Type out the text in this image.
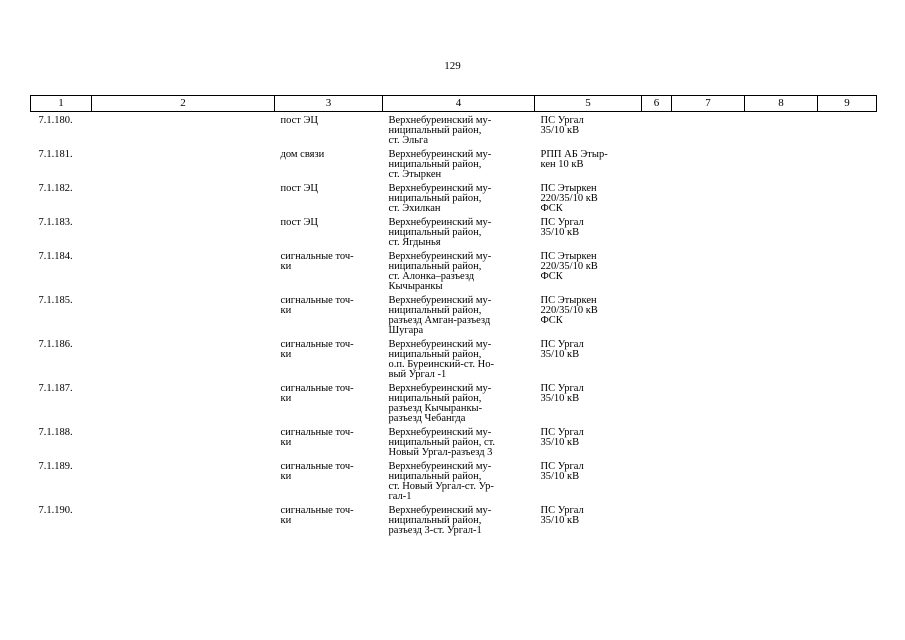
129
1	2	3	4	5	6	7	8	9
7.1.180.		пост ЭЦ	Верхнебуреинский му-
ниципальный район,
ст. Эльга	ПС Ургал
35/10 кВ				
7.1.181.		дом связи	Верхнебуреинский му-
ниципальный район,
ст. Этыркен	РПП АБ Этыр-
кен 10 кВ				
7.1.182.		пост ЭЦ	Верхнебуреинский му-
ниципальный район,
ст. Эхилкан	ПС Этыркен
220/35/10 кВ
ФСК				
7.1.183.		пост ЭЦ	Верхнебуреинский му-
ниципальный район,
ст. Ягдынья	ПС Ургал
35/10 кВ				
7.1.184.		сигнальные точ-
ки	Верхнебуреинский му-
ниципальный район,
ст. Алонка–разъезд
Кычыранкы	ПС Этыркен
220/35/10 кВ
ФСК				
7.1.185.		сигнальные точ-
ки	Верхнебуреинский му-
ниципальный район,
разъезд Амган-разъезд
Шугара	ПС Этыркен
220/35/10 кВ
ФСК				
7.1.186.		сигнальные точ-
ки	Верхнебуреинский му-
ниципальный район,
о.п. Буреинский-ст. Но-
вый Ургал -1	ПС Ургал
35/10 кВ				
7.1.187.		сигнальные точ-
ки	Верхнебуреинский му-
ниципальный район,
разъезд Кычыранкы-
разъезд Чебангда	ПС Ургал
35/10 кВ				
7.1.188.		сигнальные точ-
ки	Верхнебуреинский му-
ниципальный район, ст.
Новый Ургал-разъезд 3	ПС Ургал
35/10 кВ				
7.1.189.		сигнальные точ-
ки	Верхнебуреинский му-
ниципальный район,
ст. Новый Ургал-ст. Ур-
гал-1	ПС Ургал
35/10 кВ				
7.1.190.		сигнальные точ-
ки	Верхнебуреинский му-
ниципальный район,
разъезд 3-ст. Ургал-1	ПС Ургал
35/10 кВ				
